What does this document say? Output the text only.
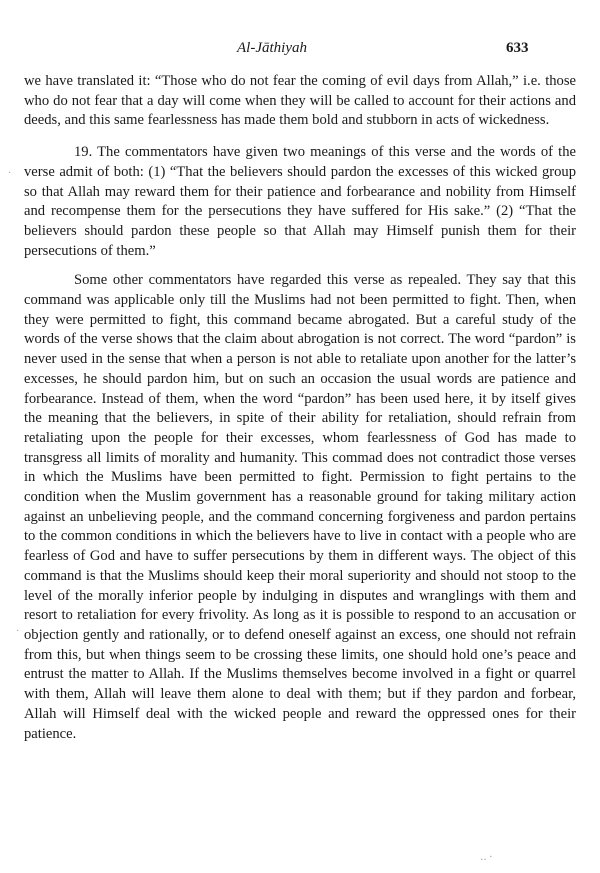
Al-Jāthiyah	633

we have translated it: “Those who do not fear the coming of evil days from Allah,” i.e. those who do not fear that a day will come when they will be called to account for their actions and deeds, and this same fearlessness has made them bold and stubborn in acts of wickedness.

19. The commentators have given two meanings of this verse and the words of the verse admit of both: (1) “That the believers should pardon the excesses of this wicked group so that Allah may reward them for their patience and forbearance and nobility from Himself and recompense them for the persecutions they have suffered for His sake.” (2) “That the believers should pardon these people so that Allah may Himself punish them for their persecutions of them.”

Some other commentators have regarded this verse as repealed. They say that this command was applicable only till the Muslims had not been permitted to fight. Then, when they were permitted to fight, this command became abrogated. But a careful study of the words of the verse shows that the claim about abrogation is not correct. The word “pardon” is never used in the sense that when a person is not able to retaliate upon another for the latter’s excesses, he should pardon him, but on such an occasion the usual words are patience and forbearance. Instead of them, when the word “pardon” has been used here, it by itself gives the meaning that the believers, in spite of their ability for retaliation, should refrain from retaliating upon the people for their excesses, whom fearlessness of God has made to transgress all limits of morality and humanity. This commad does not contradict those verses in which the Muslims have been permitted to fight. Permission to fight pertains to the condition when the Muslim government has a reasonable ground for taking military action against an unbelieving people, and the command concerning forgiveness and pardon pertains to the common conditions in which the believers have to live in contact with a people who are fearless of God and have to suffer persecutions by them in different ways. The object of this command is that the Muslims should keep their moral superiority and should not stoop to the level of the morally inferior people by indulging in disputes and wranglings with them and resort to retaliation for every frivolity. As long as it is possible to respond to an accusation or objection gently and rationally, or to defend oneself against an excess, one should not refrain from this, but when things seem to be crossing these limits, one should hold one’s peace and entrust the matter to Allah. If the Muslims themselves become involved in a fight or quarrel with them, Allah will leave them alone to deal with them; but if they pardon and forbear, Allah will Himself deal with the wicked people and reward the oppressed ones for their patience.

·
·
‥ ·
